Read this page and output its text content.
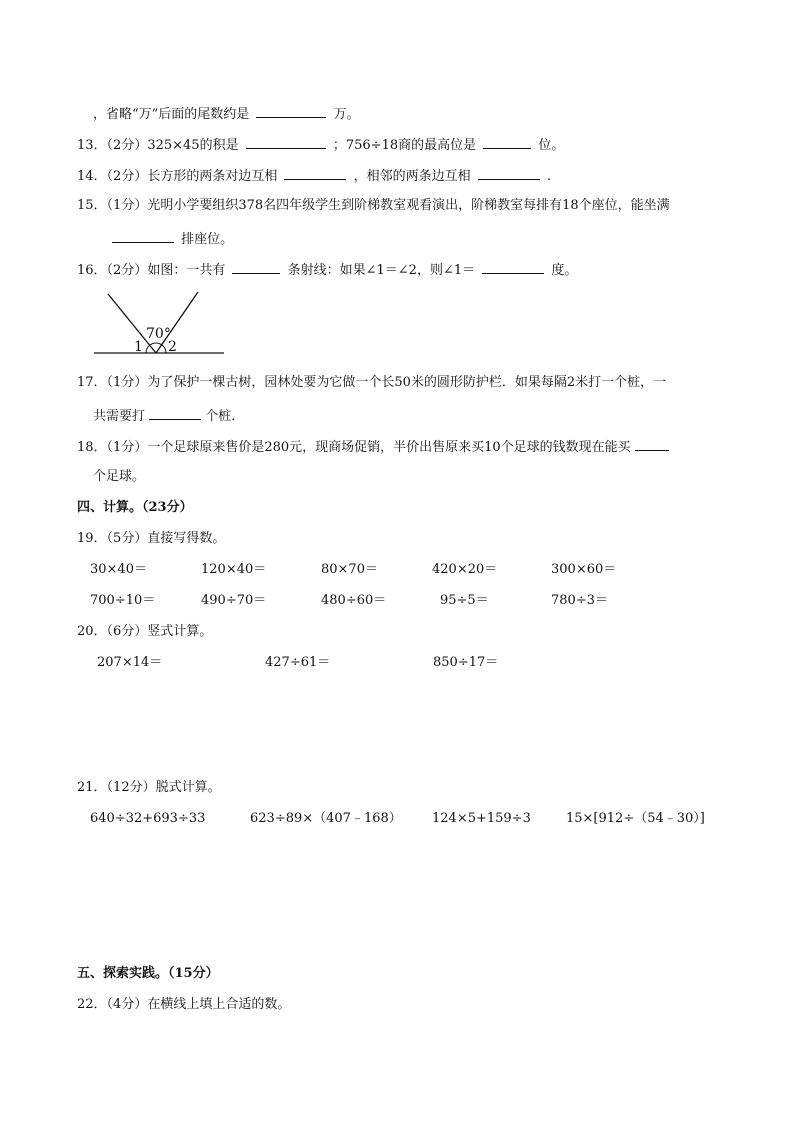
，省略“万”后面的尾数约是	万。
13．（2分）325×45的积是	；756÷18商的最高位是	位。
14．（2分）长方形的两条对边互相	，相邻的两条边互相	.
15．（1分）光明小学要组织378名四年级学生到阶梯教室观看演出，阶梯教室每排有18个座位，能坐满
排座位。
16．（2分）如图：一共有	条射线：如果∠1＝∠2，则∠1＝	度。
70°
1 2
17．（1分）为了保护一棵古树，园林处要为它做一个长50米的圆形防护栏．如果每隔2米打一个桩，一
共需要打	个桩．
18．（1分）一个足球原来售价是280元，现商场促销，半价出售原来买10个足球的钱数现在能买
个足球。
四、计算。（23分）
19．（5分）直接写得数。
30×40＝	120×40＝	80×70＝	420×20＝	300×60＝
700÷10＝	490÷70＝	480÷60＝	95÷5＝	780÷3＝
20．（6分）竖式计算。
207×14＝	427÷61＝	850÷17＝
21．（12分）脱式计算。
640÷32+693÷33	623÷89×（407﹣168） 124×5+159÷3	15×[912÷（54﹣30）]
五、探索实践。（15分）
22．（4分）在横线上填上合适的数。
